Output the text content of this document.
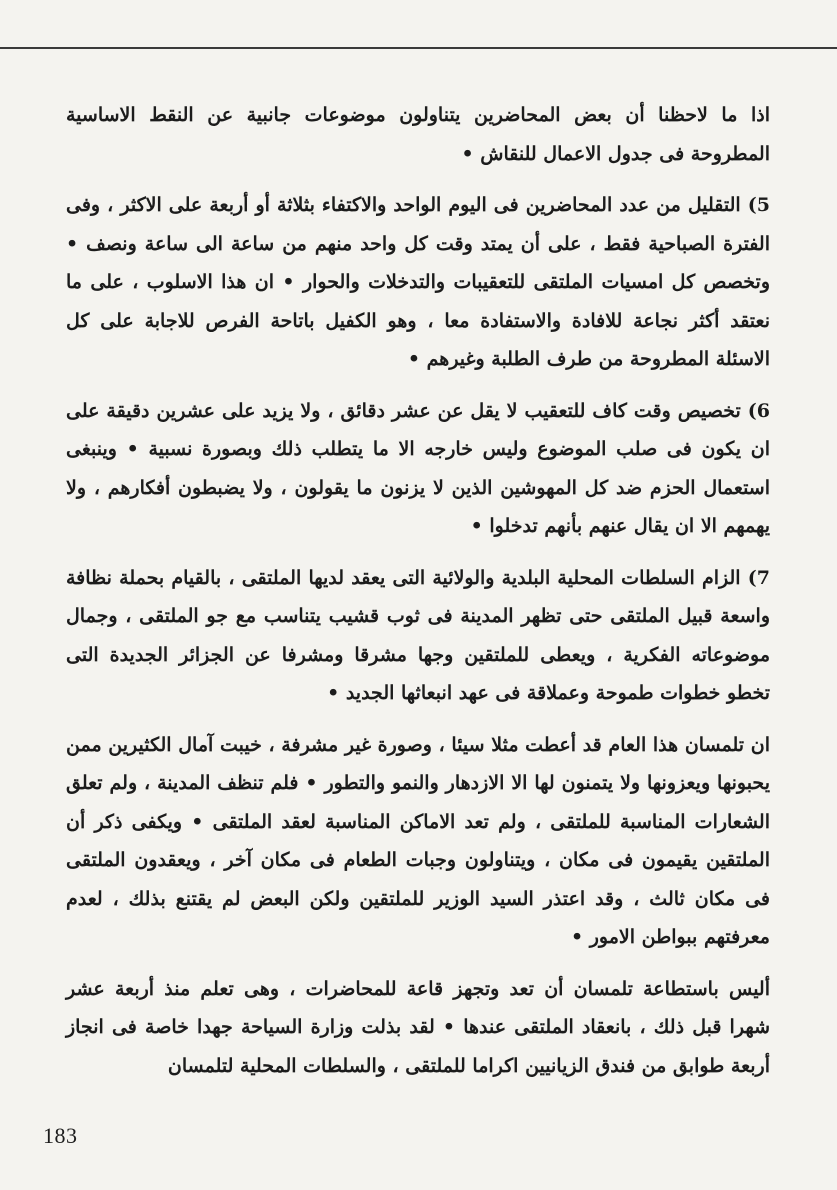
اذا ما لاحظنا أن بعض المحاضرين يتناولون موضوعات جانبية عن النقط الاساسية المطروحة فى جدول الاعمال للنقاش •

5) التقليل من عدد المحاضرين فى اليوم الواحد والاكتفاء بثلاثة أو أربعة على الاكثر ، وفى الفترة الصباحية فقط ، على أن يمتد وقت كل واحد منهم من ساعة الى ساعة ونصف • وتخصص كل امسيات الملتقى للتعقيبات والتدخلات والحوار • ان هذا الاسلوب ، على ما نعتقد أكثر نجاعة للافادة والاستفادة معا ، وهو الكفيل باتاحة الفرص للاجابة على كل الاسئلة المطروحة من طرف الطلبة وغيرهم •

6) تخصيص وقت كاف للتعقيب لا يقل عن عشر دقائق ، ولا يزيد على عشرين دقيقة على ان يكون فى صلب الموضوع وليس خارجه الا ما يتطلب ذلك وبصورة نسبية • وينبغى استعمال الحزم ضد كل المهوشين الذين لا يزنون ما يقولون ، ولا يضبطون أفكارهم ، ولا يهمهم الا ان يقال عنهم بأنهم تدخلوا •

7) الزام السلطات المحلية البلدية والولائية التى يعقد لديها الملتقى ، بالقيام بحملة نظافة واسعة قبيل الملتقى حتى تظهر المدينة فى ثوب قشيب يتناسب مع جو الملتقى ، وجمال موضوعاته الفكرية ، ويعطى للملتقين وجها مشرقا ومشرفا عن الجزائر الجديدة التى تخطو خطوات طموحة وعملاقة فى عهد انبعاثها الجديد •

ان تلمسان هذا العام قد أعطت مثلا سيئا ، وصورة غير مشرفة ، خيبت آمال الكثيرين ممن يحبونها ويعزونها ولا يتمنون لها الا الازدهار والنمو والتطور • فلم تنظف المدينة ، ولم تعلق الشعارات المناسبة للملتقى ، ولم تعد الاماكن المناسبة لعقد الملتقى • ويكفى ذكر أن الملتقين يقيمون فى مكان ، ويتناولون وجبات الطعام فى مكان آخر ، ويعقدون الملتقى فى مكان ثالث ، وقد اعتذر السيد الوزير للملتقين ولكن البعض لم يقتنع بذلك ، لعدم معرفتهم ببواطن الامور •

أليس باستطاعة تلمسان أن تعد وتجهز قاعة للمحاضرات ، وهى تعلم منذ أربعة عشر شهرا قبل ذلك ، بانعقاد الملتقى عندها • لقد بذلت وزارة السياحة جهدا خاصة فى انجاز أربعة طوابق من فندق الزيانيين اكراما للملتقى ، والسلطات المحلية لتلمسان

183
